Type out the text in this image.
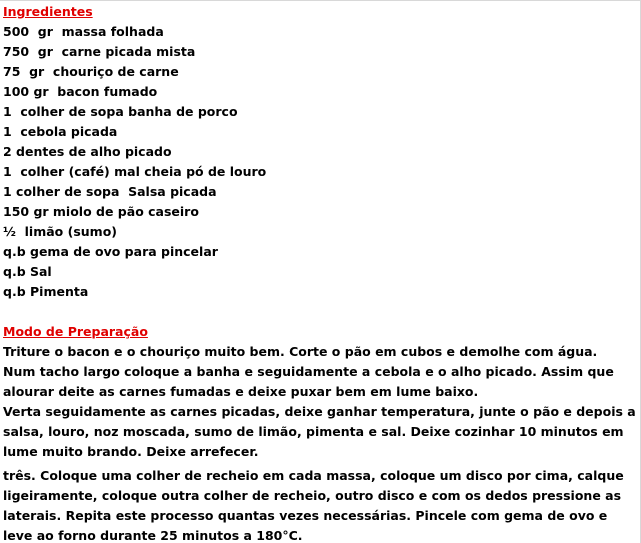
Ingredientes
500  gr  massa folhada
750  gr  carne picada mista
75  gr  chouriço de carne
100 gr  bacon fumado
1  colher de sopa banha de porco
1  cebola picada
2 dentes de alho picado
1  colher (café) mal cheia pó de louro
1 colher de sopa  Salsa picada
150 gr miolo de pão caseiro
½  limão (sumo)
q.b gema de ovo para pincelar
q.b Sal
q.b Pimenta
Modo de Preparação

Triture o bacon e o chouriço muito bem. Corte o pão em cubos e demolhe com água.

Num tacho largo coloque a banha e seguidamente a cebola e o alho picado. Assim que alourar deite as carnes fumadas e deixe puxar bem em lume baixo.

Verta seguidamente as carnes picadas, deixe ganhar temperatura, junte o pão e depois a salsa, louro, noz moscada, sumo de limão, pimenta e sal. Deixe cozinhar 10 minutos em lume muito brando. Deixe arrefecer.

três. Coloque uma colher de recheio em cada massa, coloque um disco por cima, calque ligeiramente, coloque outra colher de recheio, outro disco e com os dedos pressione as laterais. Repita este processo quantas vezes necessárias. Pincele com gema de ovo e leve ao forno durante 25 minutos a 180°C.
